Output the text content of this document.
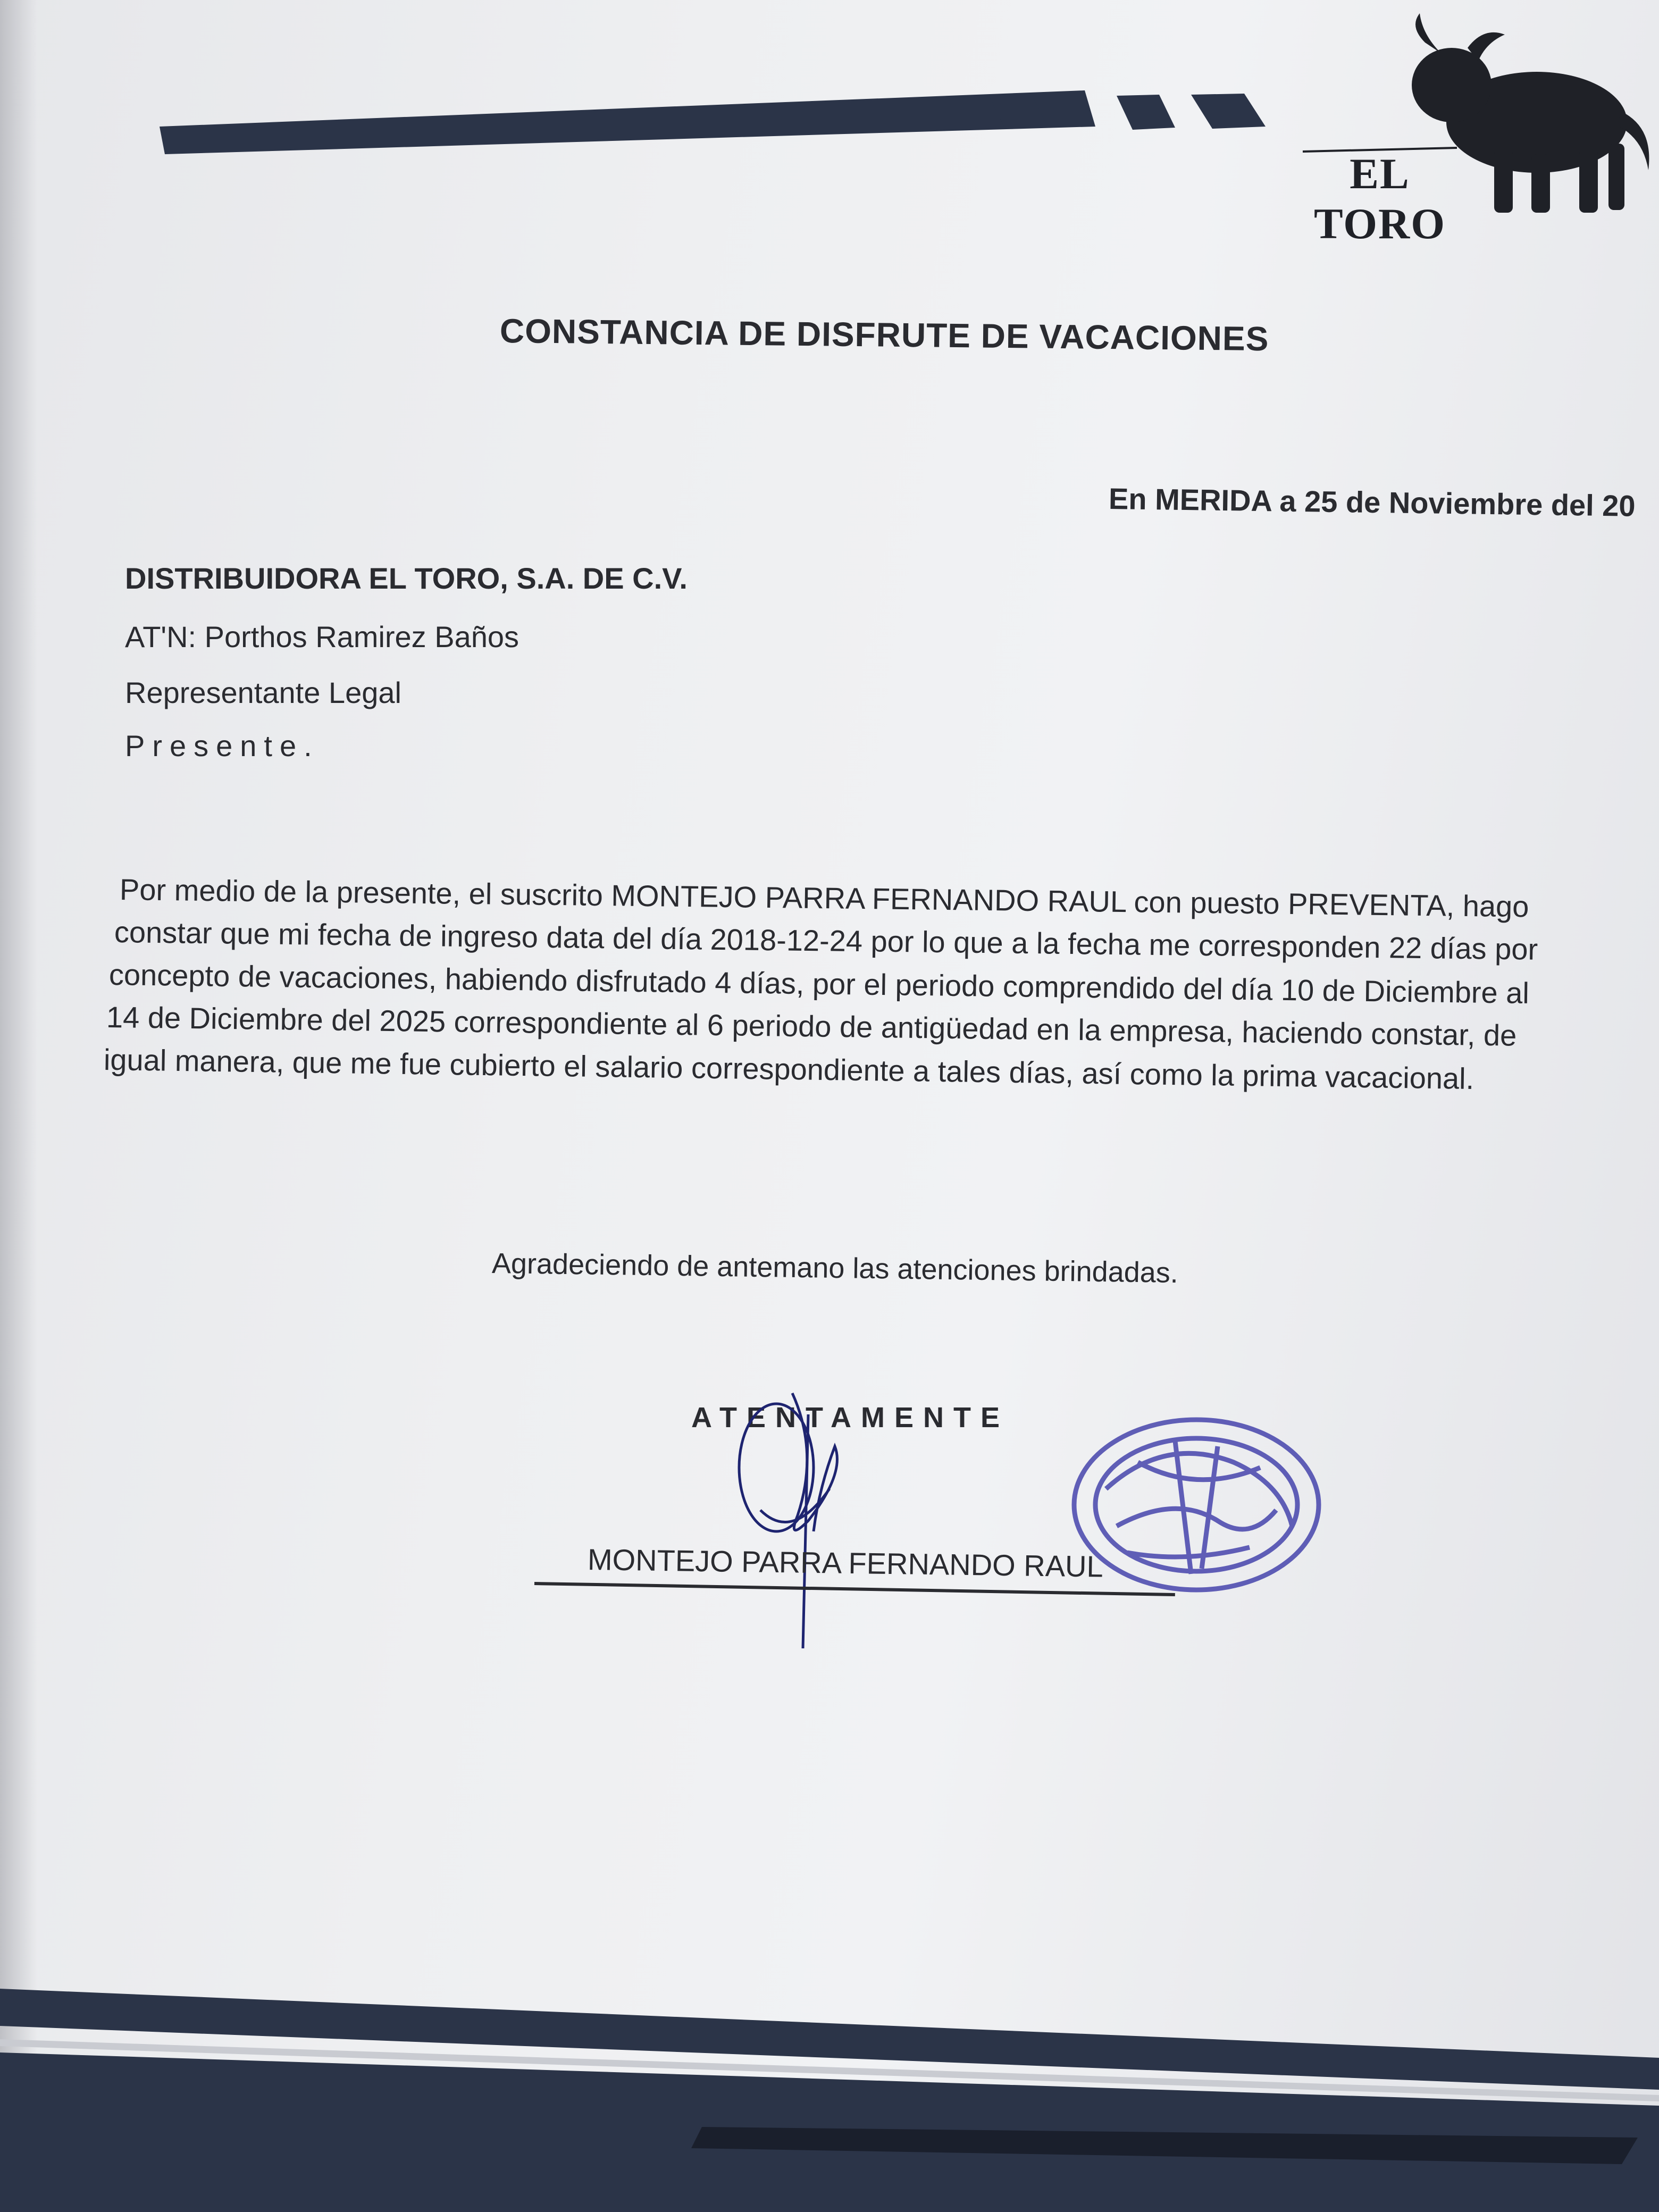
EL TORO
CONSTANCIA DE DISFRUTE DE VACACIONES
En MERIDA a 25 de Noviembre del 20
DISTRIBUIDORA EL TORO, S.A. DE C.V.
AT'N: Porthos Ramirez Baños
Representante Legal
Presente.
Por medio de la presente, el suscrito MONTEJO PARRA FERNANDO RAUL con puesto PREVENTA, hago
constar que mi fecha de ingreso data del día 2018-12-24 por lo que a la fecha me corresponden 22 días por
concepto de vacaciones, habiendo disfrutado 4 días, por el periodo comprendido del día 10 de Diciembre al
14 de Diciembre del 2025 correspondiente al 6 periodo de antigüedad en la empresa, haciendo constar, de
igual manera, que me fue cubierto el salario correspondiente a tales días, así como la prima vacacional.
Agradeciendo de antemano las atenciones brindadas.
ATENTAMENTE
MONTEJO PARRA FERNANDO RAUL
